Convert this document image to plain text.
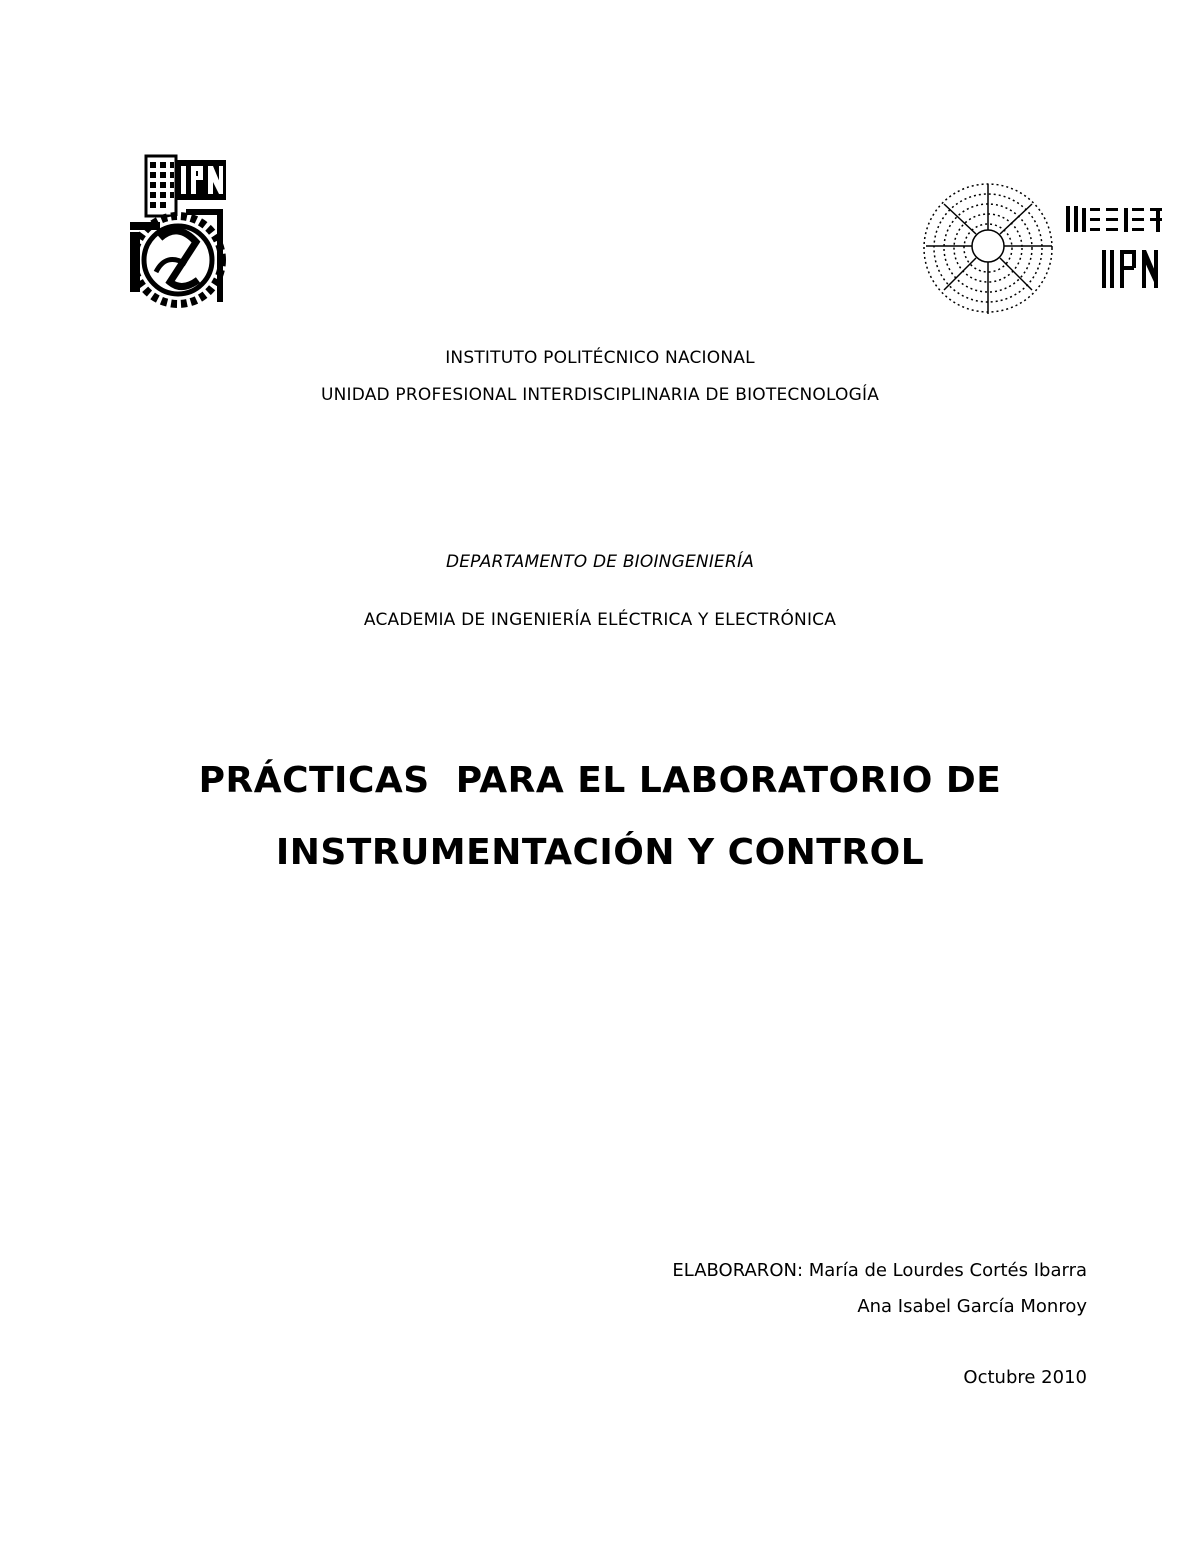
INSTITUTO POLITÉCNICO NACIONAL
UNIDAD PROFESIONAL INTERDISCIPLINARIA DE BIOTECNOLOGÍA
DEPARTAMENTO DE BIOINGENIERÍA
ACADEMIA DE INGENIERÍA ELÉCTRICA Y ELECTRÓNICA
PRÁCTICAS  PARA EL LABORATORIO DE
INSTRUMENTACIÓN Y CONTROL
ELABORARON: María de Lourdes Cortés Ibarra
Ana Isabel García Monroy
Octubre 2010
